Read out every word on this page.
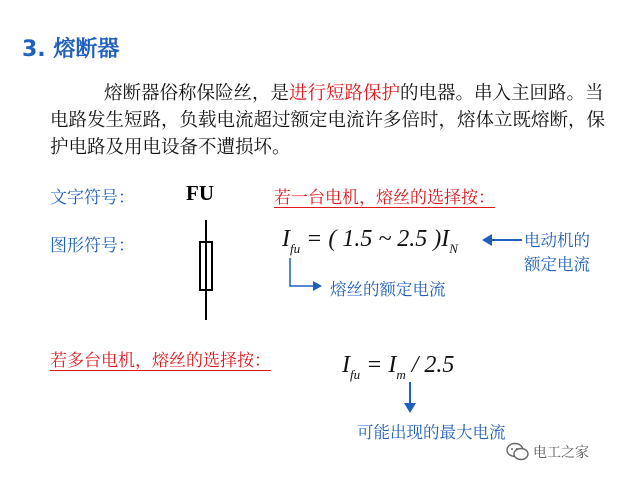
3. 熔断器
熔断器俗称保险丝，是进行短路保护的电器。串入主回路。当电路发生短路，负载电流超过额定电流许多倍时，熔体立既熔断，保护电路及用电设备不遭损坏。
文字符号： FU	若一台电机，熔丝的选择按：
图形符号：	$I_{fu}$ = ( 1.5 ~ 2.5 )$I_N$	电动机的
额定电流
熔丝的额定电流
若多台电机，熔丝的选择按：	$I_{fu} = I_m / 2.5$
可能出现的最大电流
电工之家
